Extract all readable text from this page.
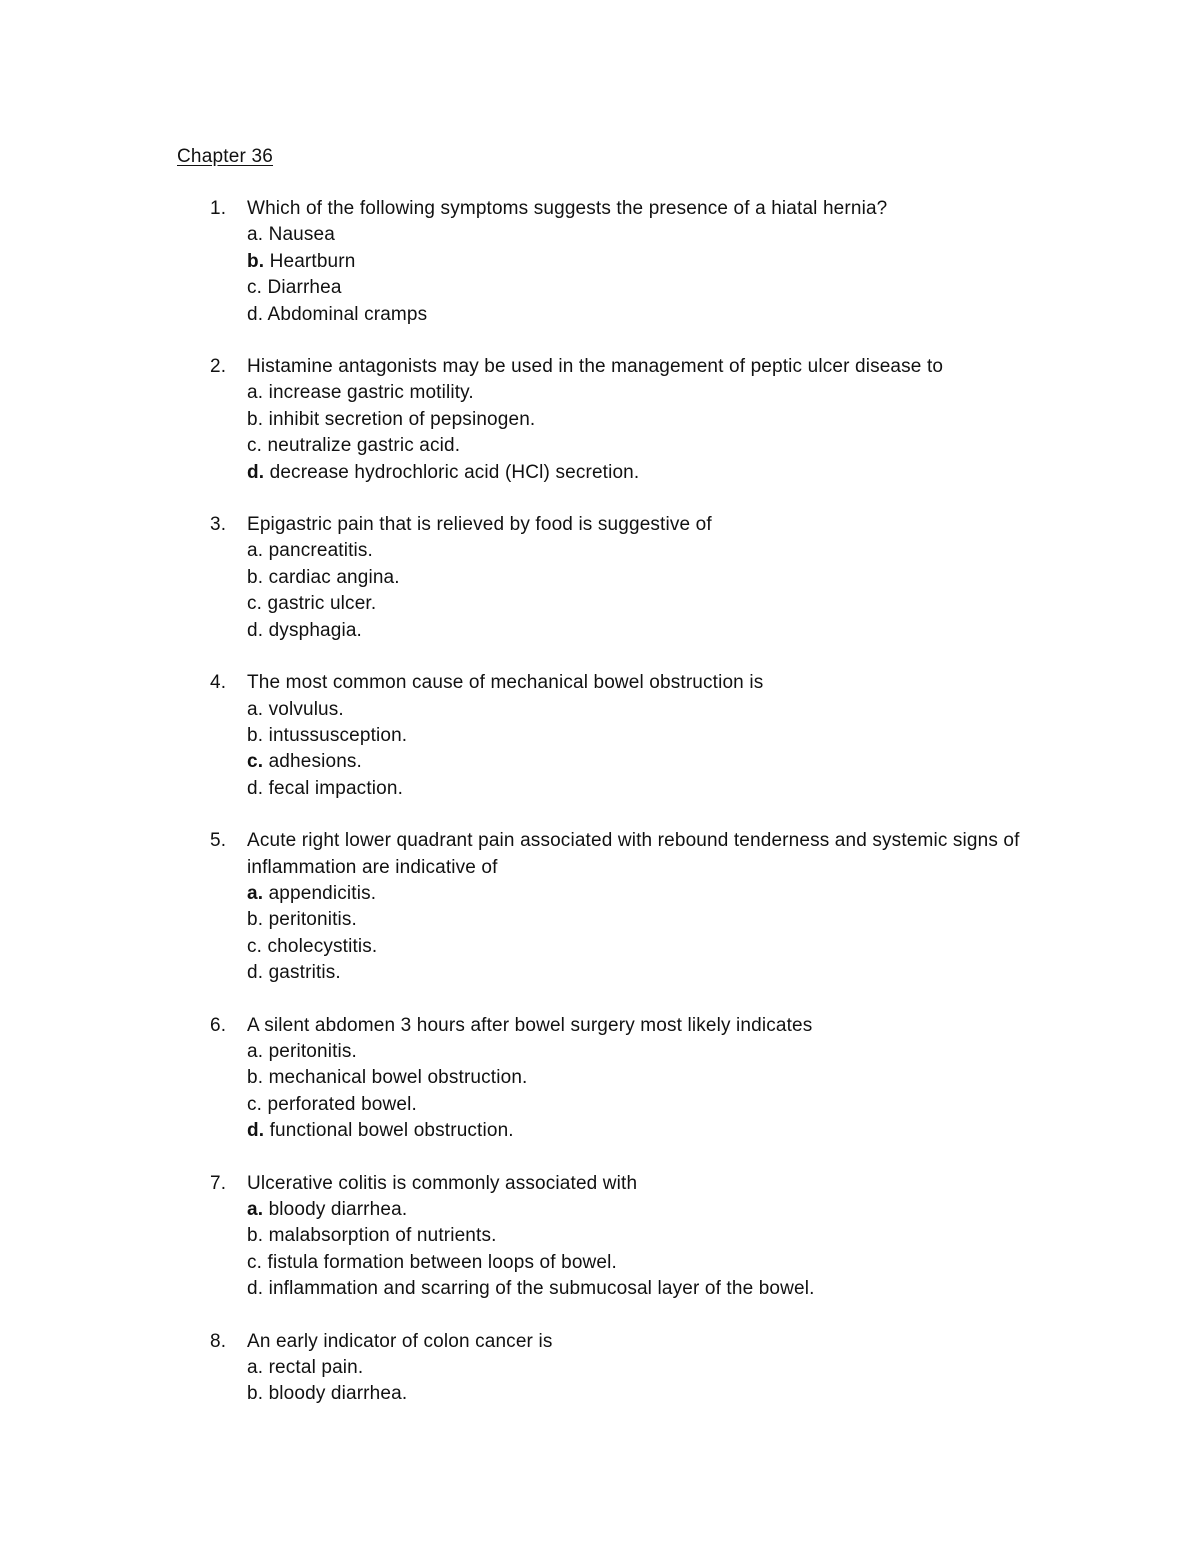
Chapter 36
1. Which of the following symptoms suggests the presence of a hiatal hernia?
a. Nausea
b. Heartburn
c. Diarrhea
d. Abdominal cramps
2. Histamine antagonists may be used in the management of peptic ulcer disease to
a. increase gastric motility.
b. inhibit secretion of pepsinogen.
c. neutralize gastric acid.
d. decrease hydrochloric acid (HCl) secretion.
3. Epigastric pain that is relieved by food is suggestive of
a. pancreatitis.
b. cardiac angina.
c. gastric ulcer.
d. dysphagia.
4. The most common cause of mechanical bowel obstruction is
a. volvulus.
b. intussusception.
c. adhesions.
d. fecal impaction.
5. Acute right lower quadrant pain associated with rebound tenderness and systemic signs of inflammation are indicative of
a. appendicitis.
b. peritonitis.
c. cholecystitis.
d. gastritis.
6. A silent abdomen 3 hours after bowel surgery most likely indicates
a. peritonitis.
b. mechanical bowel obstruction.
c. perforated bowel.
d. functional bowel obstruction.
7. Ulcerative colitis is commonly associated with
a. bloody diarrhea.
b. malabsorption of nutrients.
c. fistula formation between loops of bowel.
d. inflammation and scarring of the submucosal layer of the bowel.
8. An early indicator of colon cancer is
a. rectal pain.
b. bloody diarrhea.
